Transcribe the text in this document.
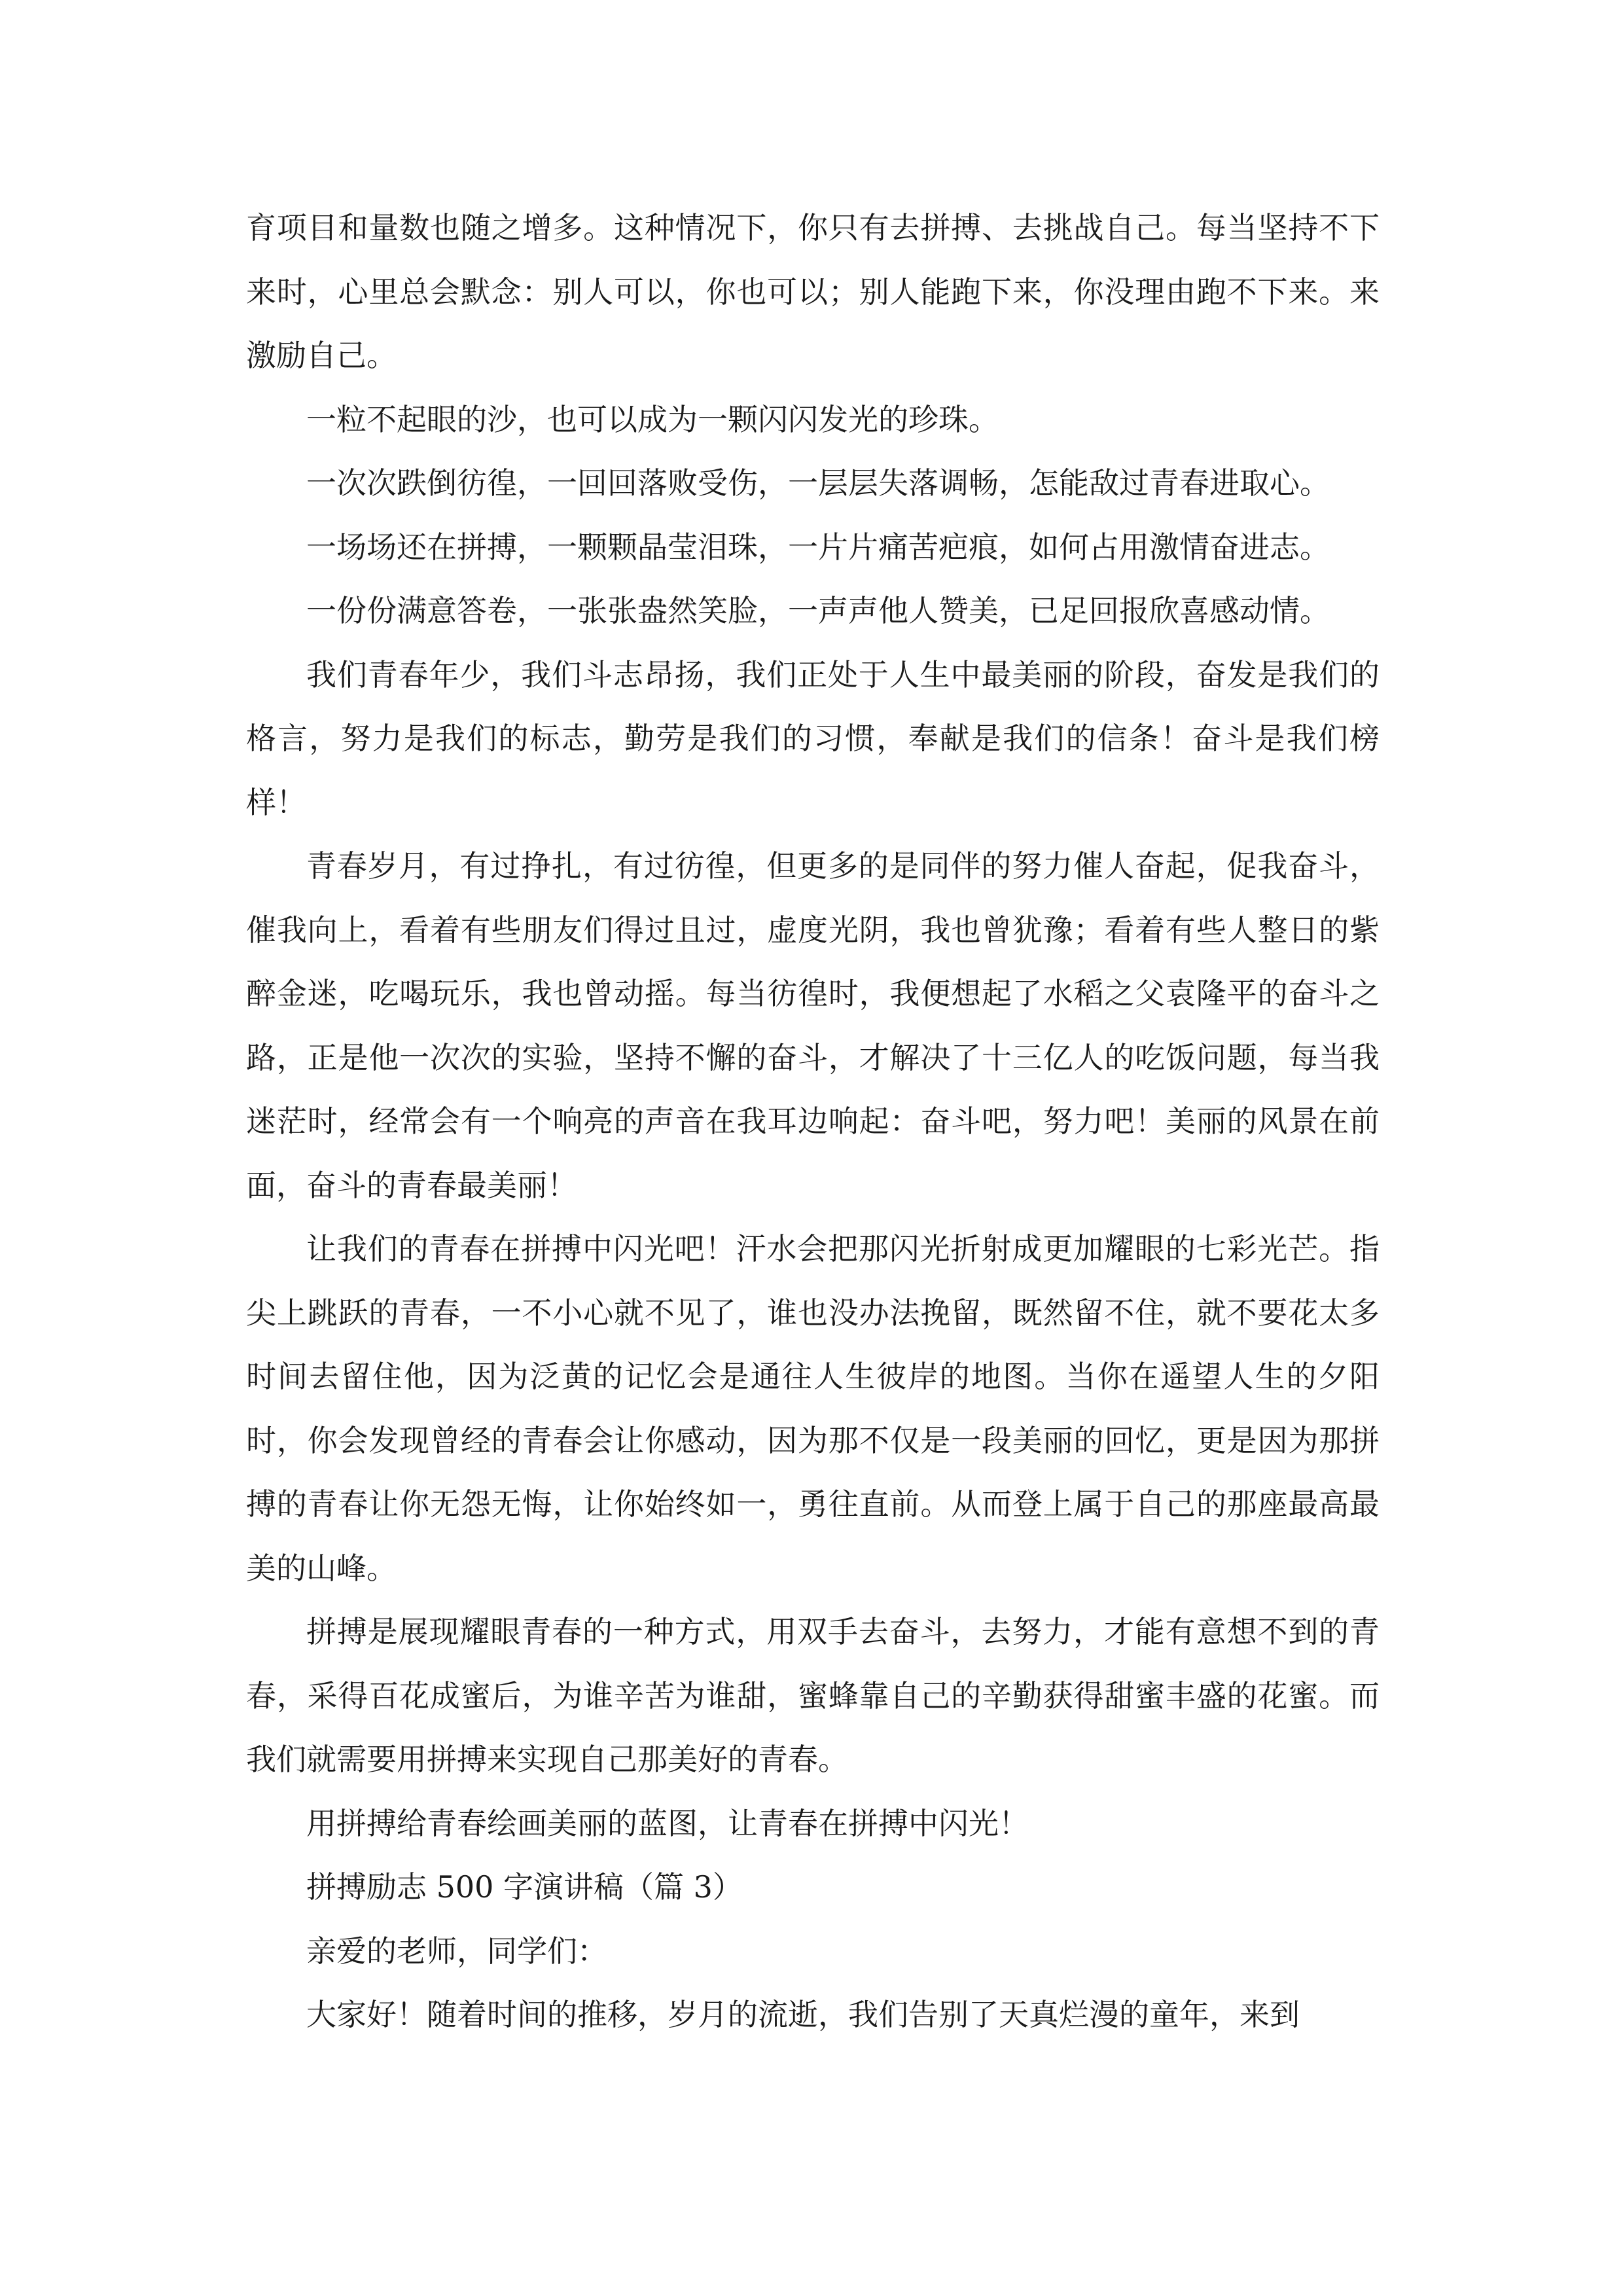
育项目和量数也随之增多。这种情况下，你只有去拼搏、去挑战自己。每当坚持不下来时，心里总会默念：别人可以，你也可以；别人能跑下来，你没理由跑不下来。来激励自己。

一粒不起眼的沙，也可以成为一颗闪闪发光的珍珠。

一次次跌倒彷徨，一回回落败受伤，一层层失落调畅，怎能敌过青春进取心。

一场场还在拼搏，一颗颗晶莹泪珠，一片片痛苦疤痕，如何占用激情奋进志。

一份份满意答卷，一张张盎然笑脸，一声声他人赞美，已足回报欣喜感动情。

我们青春年少，我们斗志昂扬，我们正处于人生中最美丽的阶段，奋发是我们的格言，努力是我们的标志，勤劳是我们的习惯，奉献是我们的信条！奋斗是我们榜样！

青春岁月，有过挣扎，有过彷徨，但更多的是同伴的努力催人奋起，促我奋斗，催我向上，看着有些朋友们得过且过，虚度光阴，我也曾犹豫；看着有些人整日的紫醉金迷，吃喝玩乐，我也曾动摇。每当彷徨时，我便想起了水稻之父袁隆平的奋斗之路，正是他一次次的实验，坚持不懈的奋斗，才解决了十三亿人的吃饭问题，每当我迷茫时，经常会有一个响亮的声音在我耳边响起：奋斗吧，努力吧！美丽的风景在前面，奋斗的青春最美丽！

让我们的青春在拼搏中闪光吧！汗水会把那闪光折射成更加耀眼的七彩光芒。指尖上跳跃的青春，一不小心就不见了，谁也没办法挽留，既然留不住，就不要花太多时间去留住他，因为泛黄的记忆会是通往人生彼岸的地图。当你在遥望人生的夕阳时，你会发现曾经的青春会让你感动，因为那不仅是一段美丽的回忆，更是因为那拼搏的青春让你无怨无悔，让你始终如一，勇往直前。从而登上属于自己的那座最高最美的山峰。

拼搏是展现耀眼青春的一种方式，用双手去奋斗，去努力，才能有意想不到的青春，采得百花成蜜后，为谁辛苦为谁甜，蜜蜂靠自己的辛勤获得甜蜜丰盛的花蜜。而我们就需要用拼搏来实现自己那美好的青春。

用拼搏给青春绘画美丽的蓝图，让青春在拼搏中闪光！

拼搏励志 500 字演讲稿（篇 3）

亲爱的老师，同学们：

大家好！随着时间的推移，岁月的流逝，我们告别了天真烂漫的童年，来到
